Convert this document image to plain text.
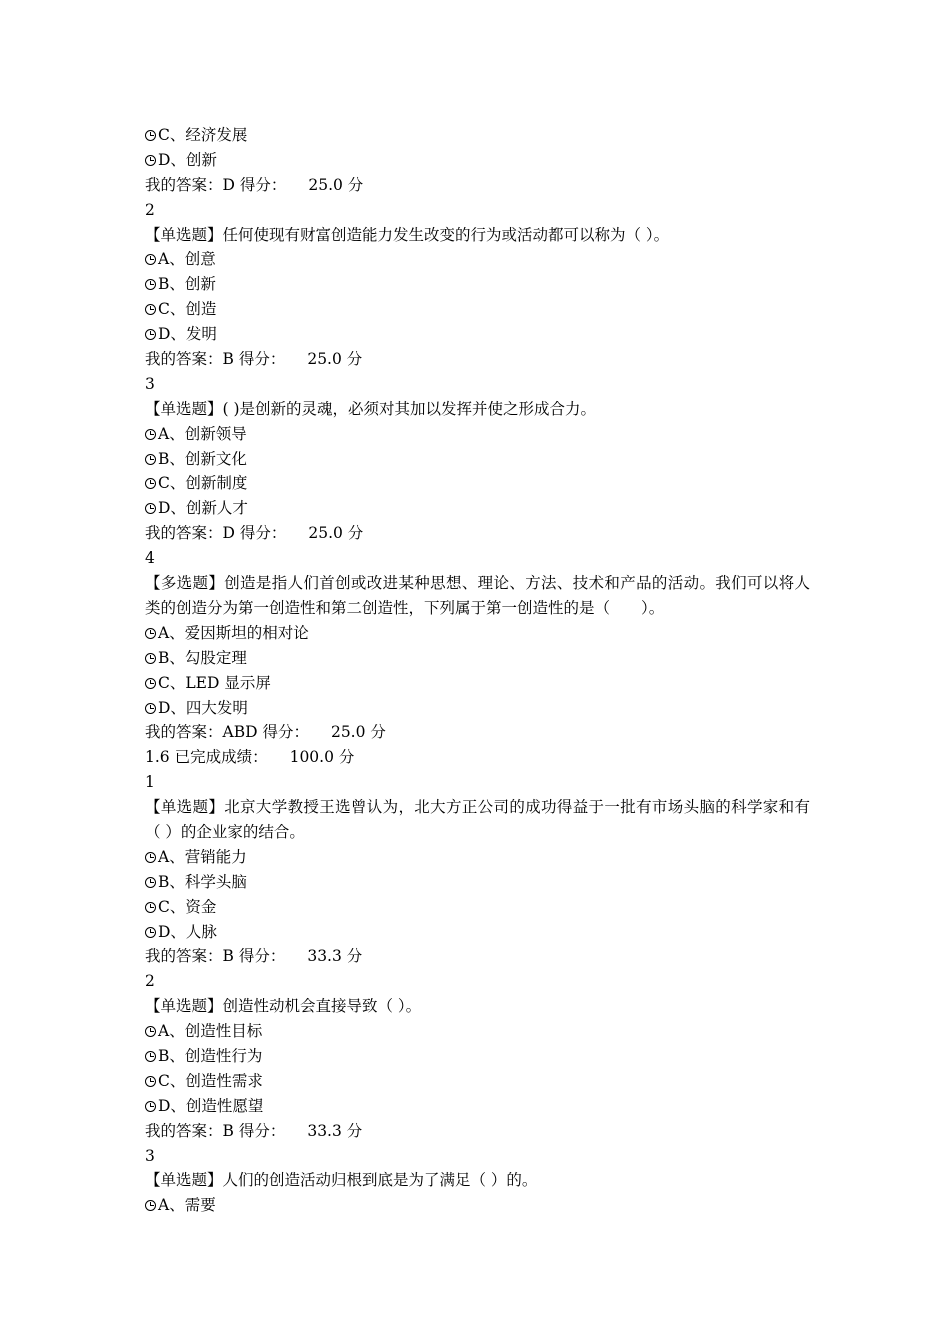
C、经济发展
D、创新
我的答案：D 得分： 25.0 分
2
【单选题】任何使现有财富创造能力发生改变的行为或活动都可以称为（ ）。
A、创意
B、创新
C、创造
D、发明
我的答案：B 得分： 25.0 分
3
【单选题】( )是创新的灵魂，必须对其加以发挥并使之形成合力。
A、创新领导
B、创新文化
C、创新制度
D、创新人才
我的答案：D 得分： 25.0 分
4
【多选题】创造是指人们首创或改进某种思想、理论、方法、技术和产品的活动。我们可以将人类的创造分为第一创造性和第二创造性，下列属于第一创造性的是（　　）。
A、爱因斯坦的相对论
B、勾股定理
C、LED 显示屏
D、四大发明
我的答案：ABD 得分： 25.0 分
1.6 已完成成绩： 100.0 分
1
【单选题】北京大学教授王选曾认为，北大方正公司的成功得益于一批有市场头脑的科学家和有（ ）的企业家的结合。
A、营销能力
B、科学头脑
C、资金
D、人脉
我的答案：B 得分： 33.3 分
2
【单选题】创造性动机会直接导致（ ）。
A、创造性目标
B、创造性行为
C、创造性需求
D、创造性愿望
我的答案：B 得分： 33.3 分
3
【单选题】人们的创造活动归根到底是为了满足（ ）的。
A、需要
